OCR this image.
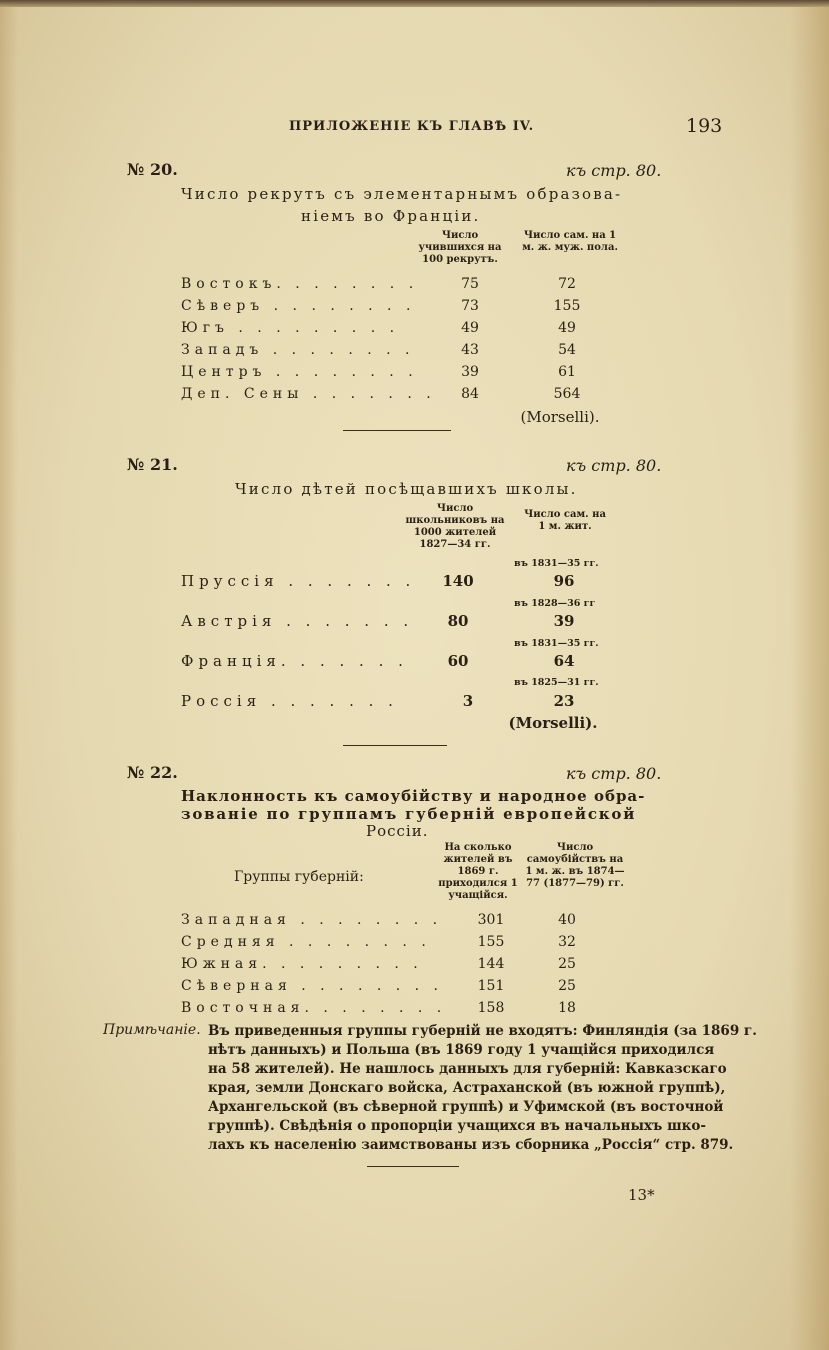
ПРИЛОЖЕНІЕ КЪ ГЛАВѢ IV.	193
№ 20.	къ стр. 80.
Число рекрутъ съ элементарнымъ образова-
ніемъ во Франціи.
Число учившихся на 100 рекрутъ.
Число сам. на 1 м. ж. муж. пола.
Востокъ. . . . . . . .	75	72
Сѣверъ . . . . . . . .	73	155
Югъ . . . . . . . . .	49	49
Западъ . . . . . . . .	43	54
Центръ . . . . . . . .	39	61
Деп. Сены . . . . . . .	84	564
(Morselli).
№ 21.	къ стр. 80.
Число дѣтей посѣщавшихъ школы.
Число школьниковъ на 1000 жителей 1827—34 гг.
Число сам. на 1 м. жит.
въ 1831—35 гг.
Пруссія . . . . . . .	140	96
въ 1828—36 гг
Австрія . . . . . . .	80	39
въ 1831—35 гг.
Франція. . . . . . .	60	64
въ 1825—31 гг.
Россія . . . . . . .	3	23
(Morselli).
№ 22.	къ стр. 80.
Наклонность къ самоубійству и народное обра-
зованіе по группамъ губерній европейской
Россіи.
Группы губерній:
На сколько жителей въ 1869 г. приходился 1 учащійся.
Число самоубійствъ на 1 м. ж. въ 1874—77 (1877—79) гг.
Западная . . . . . . . .	301	40
Средняя . . . . . . . .	155	32
Южная. . . . . . . . .	144	25
Сѣверная . . . . . . . .	151	25
Восточная. . . . . . . .	158	18
Примѣчаніе. Въ приведенныя группы губерній не входятъ: Финляндія (за 1869 г.
нѣтъ данныхъ) и Польша (въ 1869 году 1 учащійся приходился
на 58 жителей). Не нашлось данныхъ для губерній: Кавказскаго
края, земли Донскаго войска, Астраханской (въ южной группѣ),
Архангельской (въ сѣверной группѣ) и Уфимской (въ восточной
группѣ). Свѣдѣнія о пропорціи учащихся въ начальныхъ шко-
лахъ къ населенію заимствованы изъ сборника „Россія“ стр. 879.
13*
